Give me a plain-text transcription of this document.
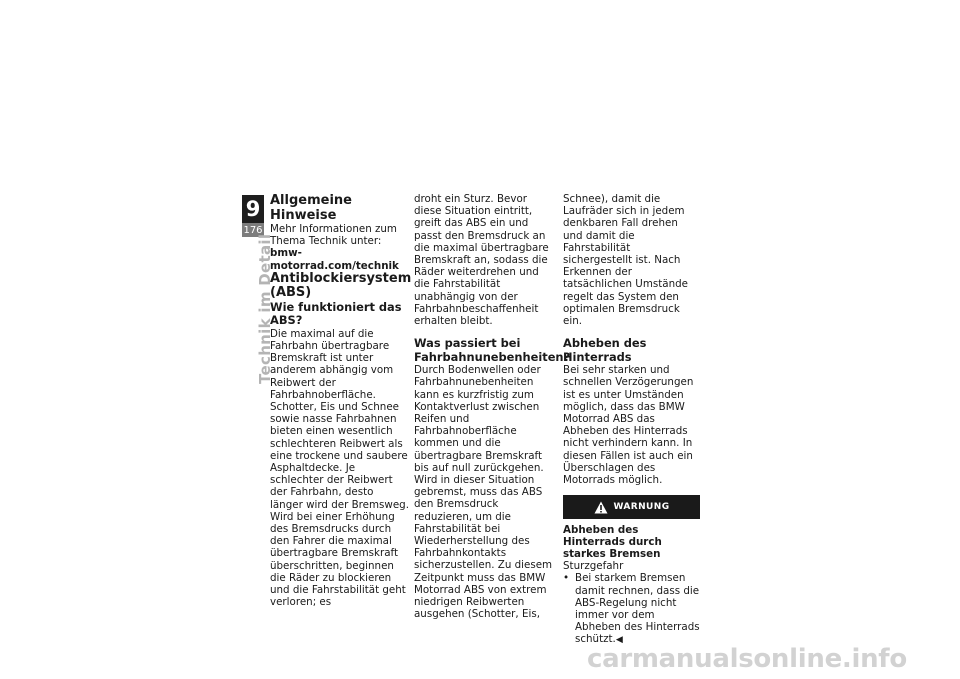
9
176
Technik im Detail

Allgemeine Hinweise

Mehr Informationen zum Thema Technik unter:

bmw-motorrad.com/technik

Antiblockiersystem (ABS)

Wie funktioniert das ABS?

Die maximal auf die Fahrbahn übertragbare Bremskraft ist unter anderem abhängig vom Reibwert der Fahrbahnoberfläche. Schotter, Eis und Schnee sowie nasse Fahrbahnen bieten einen wesentlich schlechteren Reibwert als eine trockene und saubere Asphaltdecke. Je schlechter der Reibwert der Fahrbahn, desto länger wird der Bremsweg.

Wird bei einer Erhöhung des Bremsdrucks durch den Fahrer die maximal übertragbare Bremskraft überschritten, beginnen die Räder zu blockieren und die Fahrstabilität geht verloren; es

droht ein Sturz. Bevor diese Situation eintritt, greift das ABS ein und passt den Bremsdruck an die maximal übertragbare Bremskraft an, sodass die Räder weiterdrehen und die Fahrstabilität unabhängig von der Fahrbahnbeschaffenheit erhalten bleibt.

Was passiert bei Fahrbahnunebenheiten?

Durch Bodenwellen oder Fahrbahnunebenheiten kann es kurzfristig zum Kontaktverlust zwischen Reifen und Fahrbahnoberfläche kommen und die übertragbare Bremskraft bis auf null zurückgehen. Wird in dieser Situation gebremst, muss das ABS den Bremsdruck reduzieren, um die Fahrstabilität bei Wiederherstellung des Fahrbahnkontakts sicherzustellen. Zu diesem Zeitpunkt muss das BMW Motorrad ABS von extrem niedrigen Reibwerten ausgehen (Schotter, Eis,

Schnee), damit die Laufräder sich in jedem denkbaren Fall drehen und damit die Fahrstabilität sichergestellt ist. Nach Erkennen der tatsächlichen Umstände regelt das System den optimalen Bremsdruck ein.

Abheben des Hinterrads

Bei sehr starken und schnellen Verzögerungen ist es unter Umständen möglich, dass das BMW Motorrad ABS das Abheben des Hinterrads nicht verhindern kann. In diesen Fällen ist auch ein Überschlagen des Motorrads möglich.

WARNUNG

Abheben des Hinterrads durch starkes Bremsen

Sturzgefahr

• Bei starkem Bremsen damit rechnen, dass die ABS-Regelung nicht immer vor dem Abheben des Hinterrads schützt.◀

carmanualsonline.info
